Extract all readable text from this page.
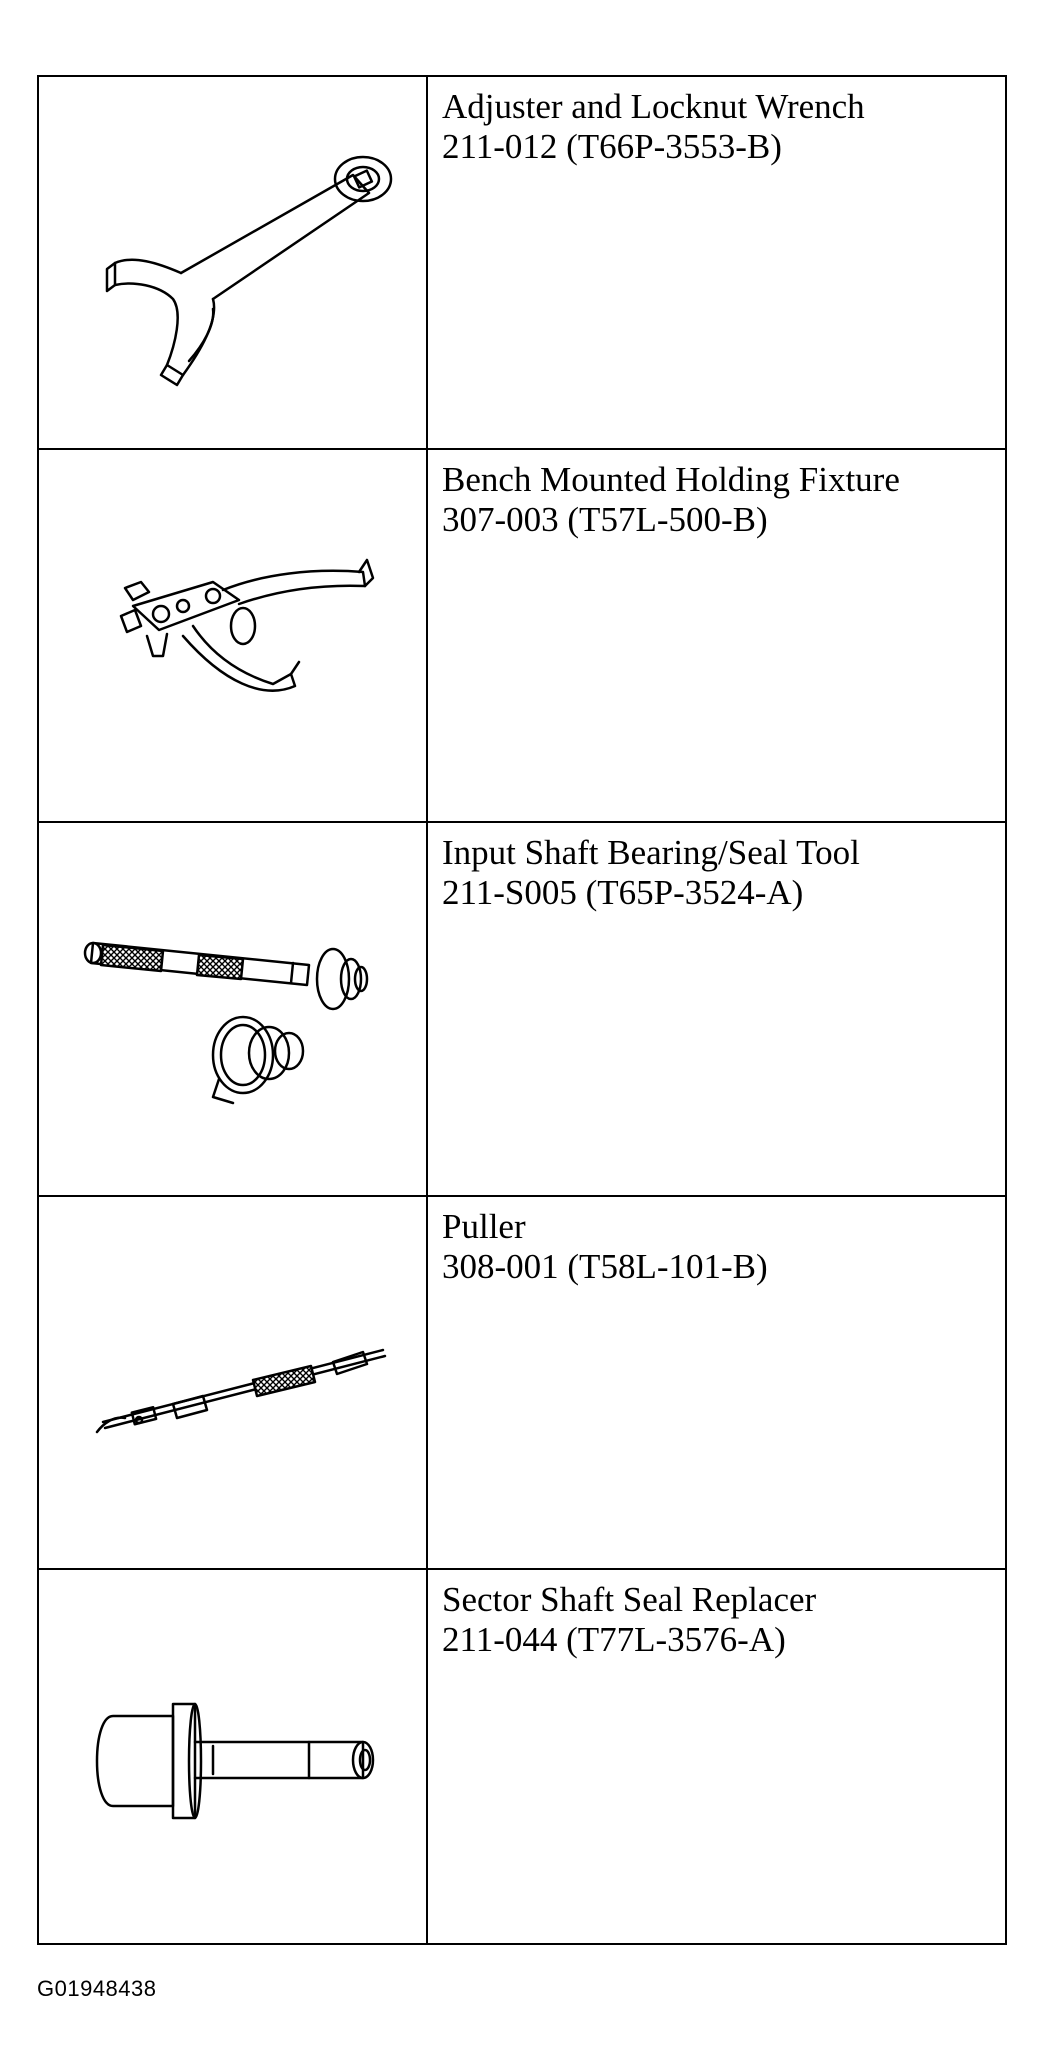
Adjuster and Locknut Wrench
211-012 (T66P-3553-B)
Bench Mounted Holding Fixture
307-003 (T57L-500-B)
Input Shaft Bearing/Seal Tool
211-S005 (T65P-3524-A)
Puller
308-001 (T58L-101-B)
Sector Shaft Seal Replacer
211-044 (T77L-3576-A)
G01948438
